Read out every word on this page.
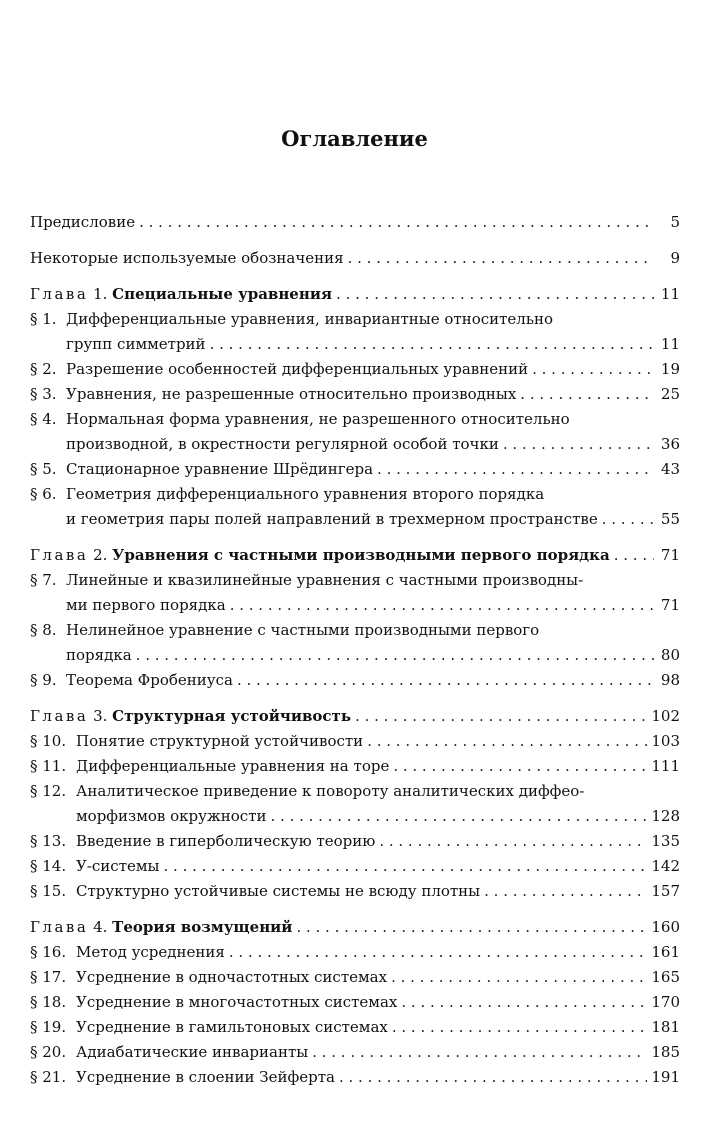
Оглавление
Предисловие . . .	5
Некоторые используемые обозначения . . .	9
Глава 1. Специальные уравнения . . .	11
§ 1. Дифференциальные уравнения, инвариантные относительно
групп симметрий . . .	11
§ 2. Разрешение особенностей дифференциальных уравнений . . .	19
§ 3. Уравнения, не разрешенные относительно производных . . .	25
§ 4. Нормальная форма уравнения, не разрешенного относительно
производной, в окрестности регулярной особой точки . . .	36
§ 5. Стационарное уравнение Шрёдингера . . .	43
§ 6. Геометрия дифференциального уравнения второго порядка
и геометрия пары полей направлений в трехмерном пространстве . . .	55
Глава 2. Уравнения с частными производными первого порядка . . .	71
§ 7. Линейные и квазилинейные уравнения с частными производны-
ми первого порядка . . .	71
§ 8. Нелинейное уравнение с частными производными первого
порядка . . .	80
§ 9. Теорема Фробениуса . . .	98
Глава 3. Структурная устойчивость . . .	102
§ 10. Понятие структурной устойчивости . . .	103
§ 11. Дифференциальные уравнения на торе . . .	111
§ 12. Аналитическое приведение к повороту аналитических диффео-
морфизмов окружности . . .	128
§ 13. Введение в гиперболическую теорию . . .	135
§ 14. У-системы . . .	142
§ 15. Структурно устойчивые системы не всюду плотны . . .	157
Глава 4. Теория возмущений . . .	160
§ 16. Метод усреднения . . .	161
§ 17. Усреднение в одночастотных системах . . .	165
§ 18. Усреднение в многочастотных системах . . .	170
§ 19. Усреднение в гамильтоновых системах . . .	181
§ 20. Адиабатические инварианты . . .	185
§ 21. Усреднение в слоении Зейферта . . .	191
